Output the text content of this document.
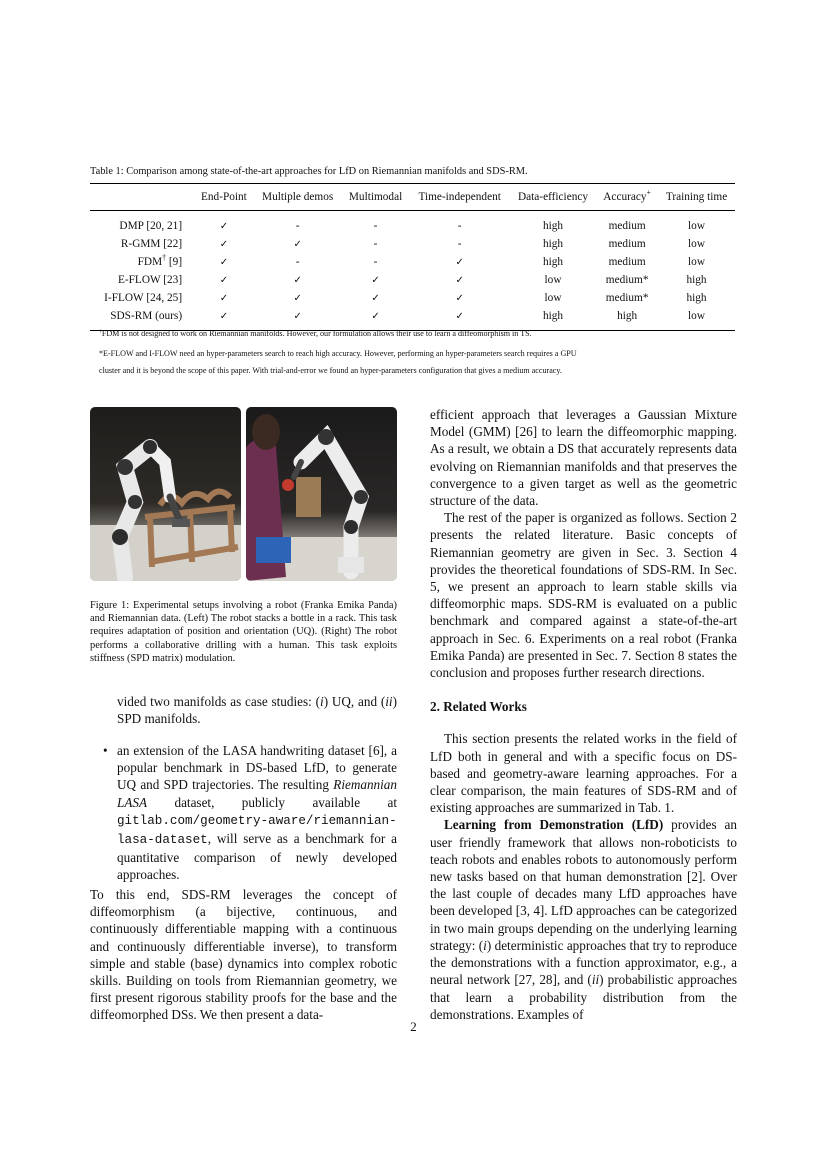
Table 1: Comparison among state-of-the-art approaches for LfD on Riemannian manifolds and SDS-RM.
	End-Point	Multiple demos	Multimodal	Time-independent	Data-efficiency	Accuracy+	Training time
DMP [20, 21]	✓	-	-	-	high	medium	low
R-GMM [22]	✓	✓	-	-	high	medium	low
FDM† [9]	✓	-	-	✓	high	medium	low
E-FLOW [23]	✓	✓	✓	✓	low	medium*	high
I-FLOW [24, 25]	✓	✓	✓	✓	low	medium*	high
SDS-RM (ours)	✓	✓	✓	✓	high	high	low
†FDM is not designed to work on Riemannian manifolds. However, our formulation allows their use to learn a diffeomorphism in TS.
*E-FLOW and I-FLOW need an hyper-parameters search to reach high accuracy. However, performing an hyper-parameters search requires a GPU
cluster and it is beyond the scope of this paper. With trial-and-error we found an hyper-parameters configuration that gives a medium accuracy.
Figure 1: Experimental setups involving a robot (Franka Emika Panda) and Riemannian data. (Left) The robot stacks a bottle in a rack. This task requires adaptation of position and orientation (UQ). (Right) The robot performs a collaborative drilling with a human. This task exploits stiffness (SPD matrix) modulation.

vided two manifolds as case studies: (i) UQ, and (ii) SPD manifolds.

• an extension of the LASA handwriting dataset [6], a popular benchmark in DS-based LfD, to generate UQ and SPD trajectories. The resulting Riemannian LASA dataset, publicly available at gitlab.com/geometry-aware/riemannian-lasa-dataset, will serve as a benchmark for a quantitative comparison of newly developed approaches.

To this end, SDS-RM leverages the concept of diffeomorphism (a bijective, continuous, and continuously differentiable mapping with a continuous and continuously differentiable inverse), to transform simple and stable (base) dynamics into complex robotic skills. Building on tools from Riemannian geometry, we first present rigorous stability proofs for the base and the diffeomorphed DSs. We then present a data-

efficient approach that leverages a Gaussian Mixture Model (GMM) [26] to learn the diffeomorphic mapping. As a result, we obtain a DS that accurately represents data evolving on Riemannian manifolds and that preserves the convergence to a given target as well as the geometric structure of the data.

The rest of the paper is organized as follows. Section 2 presents the related literature. Basic concepts of Riemannian geometry are given in Sec. 3. Section 4 provides the theoretical foundations of SDS-RM. In Sec. 5, we present an approach to learn stable skills via diffeomorphic maps. SDS-RM is evaluated on a public benchmark and compared against a state-of-the-art approach in Sec. 6. Experiments on a real robot (Franka Emika Panda) are presented in Sec. 7. Section 8 states the conclusion and proposes further research directions.

2. Related Works

This section presents the related works in the field of LfD both in general and with a specific focus on DS-based and geometry-aware learning approaches. For a clear comparison, the main features of SDS-RM and of existing approaches are summarized in Tab. 1.

Learning from Demonstration (LfD) provides an user friendly framework that allows non-roboticists to teach robots and enables robots to autonomously perform new tasks based on that human demonstration [2]. Over the last couple of decades many LfD approaches have been developed [3, 4]. LfD approaches can be categorized in two main groups depending on the underlying learning strategy: (i) deterministic approaches that try to reproduce the demonstrations with a function approximator, e.g., a neural network [27, 28], and (ii) probabilistic approaches that learn a probability distribution from the demonstrations. Examples of

2
